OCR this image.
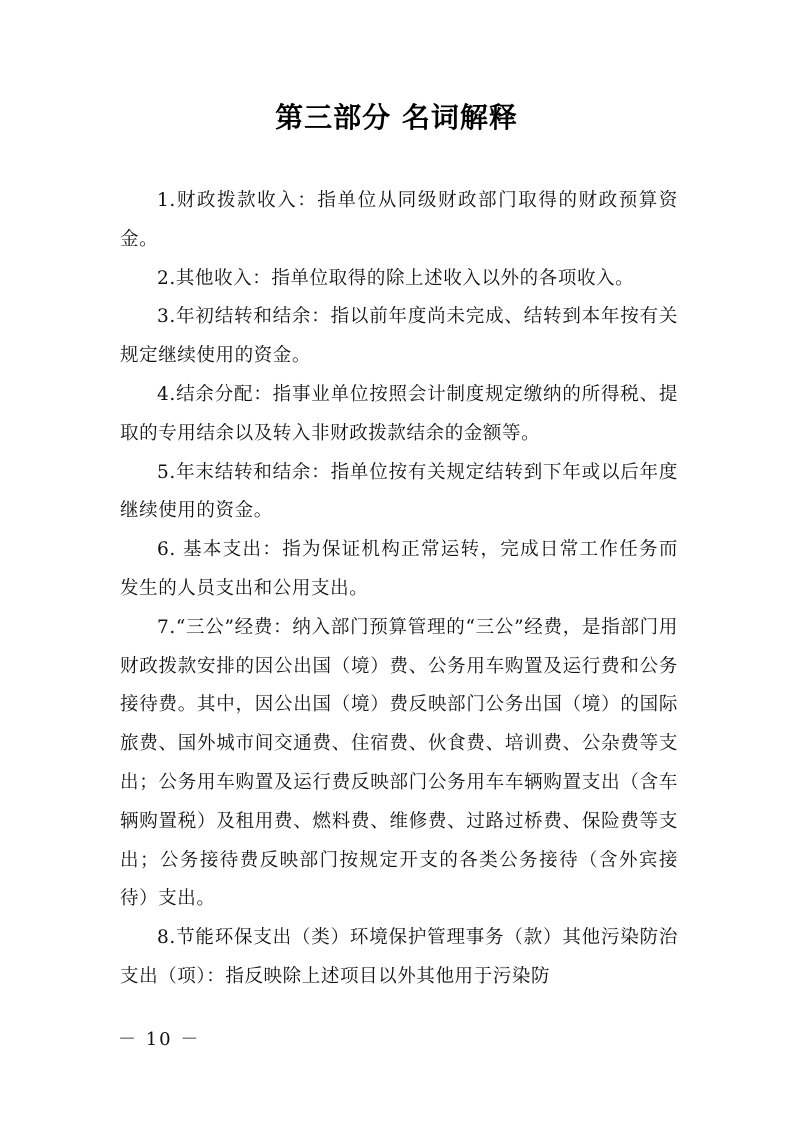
第三部分 名词解释

1.财政拨款收入：指单位从同级财政部门取得的财政预算资金。

2.其他收入：指单位取得的除上述收入以外的各项收入。

3.年初结转和结余：指以前年度尚未完成、结转到本年按有关规定继续使用的资金。

4.结余分配：指事业单位按照会计制度规定缴纳的所得税、提取的专用结余以及转入非财政拨款结余的金额等。

5.年末结转和结余：指单位按有关规定结转到下年或以后年度继续使用的资金。

6. 基本支出：指为保证机构正常运转，完成日常工作任务而发生的人员支出和公用支出。

7.“三公”经费：纳入部门预算管理的“三公”经费，是指部门用财政拨款安排的因公出国（境）费、公务用车购置及运行费和公务接待费。其中，因公出国（境）费反映部门公务出国（境）的国际旅费、国外城市间交通费、住宿费、伙食费、培训费、公杂费等支出；公务用车购置及运行费反映部门公务用车车辆购置支出（含车辆购置税）及租用费、燃料费、维修费、过路过桥费、保险费等支出；公务接待费反映部门按规定开支的各类公务接待（含外宾接待）支出。

8.节能环保支出（类）环境保护管理事务（款）其他污染防治支出（项）：指反映除上述项目以外其他用于污染防

－ 10 －
